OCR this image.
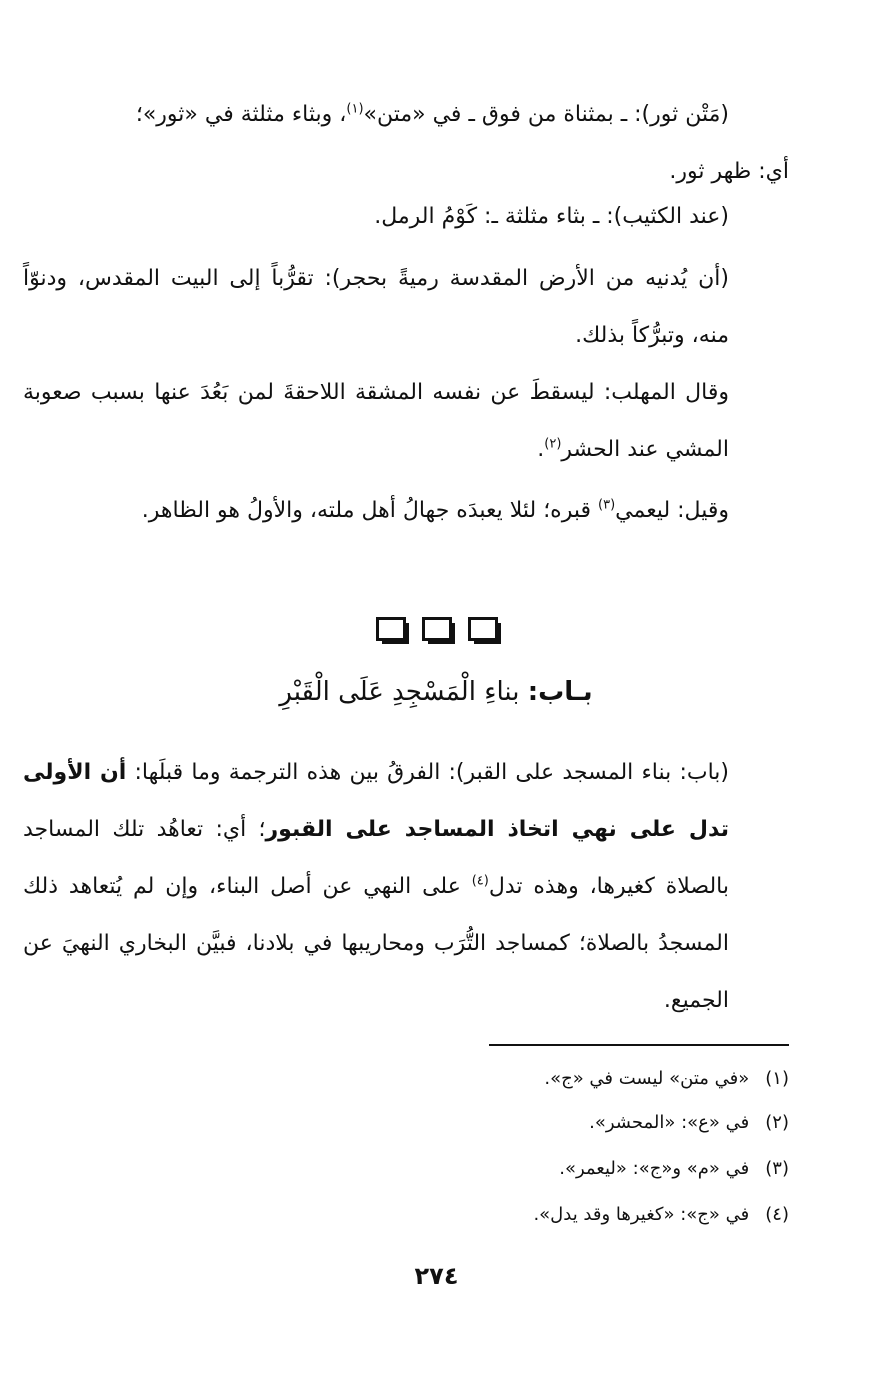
(مَتْن ثور): ـ بمثناة من فوق ـ في «متن»$^{(١)}$، وبثاء مثلثة في «ثور»؛
أي: ظهر ثور.

(عند الكثيب): ـ بثاء مثلثة ـ: كَوْمُ الرمل.

(أن يُدنيه من الأرض المقدسة رميةً بحجر): تقرُّباً إلى البيت المقدس، ودنوّاً منه، وتبرُّكاً بذلك.

وقال المهلب: ليسقطَ عن نفسه المشقة اللاحقةَ لمن بَعُدَ عنها بسبب صعوبة المشي عند الحشر$^{(٢)}$.

وقيل: ليعمي$^{(٣)}$ قبره؛ لئلا يعبدَه جهالُ أهل ملته، والأولُ هو الظاهر.

بـاب: بناءِ الْمَسْجِدِ عَلَى الْقَبْرِ

(باب: بناء المسجد على القبر): الفرقُ بين هذه الترجمة وما قبلَها: أن الأولى تدل على نهي اتخاذ المساجد على القبور؛ أي: تعاهُد تلك المساجد بالصلاة كغيرها، وهذه تدل$^{(٤)}$ على النهي عن أصل البناء، وإن لم يُتعاهد ذلك المسجدُ بالصلاة؛ كمساجد التُّرَب ومحاريبها في بلادنا، فبيَّن البخاري النهيَ عن الجميع.

(١)«في متن» ليست في «ج».
(٢)في «ع»: «المحشر».
(٣)في «م» و«ج»: «ليعمر».
(٤)في «ج»: «كغيرها وقد يدل».
٢٧٤
